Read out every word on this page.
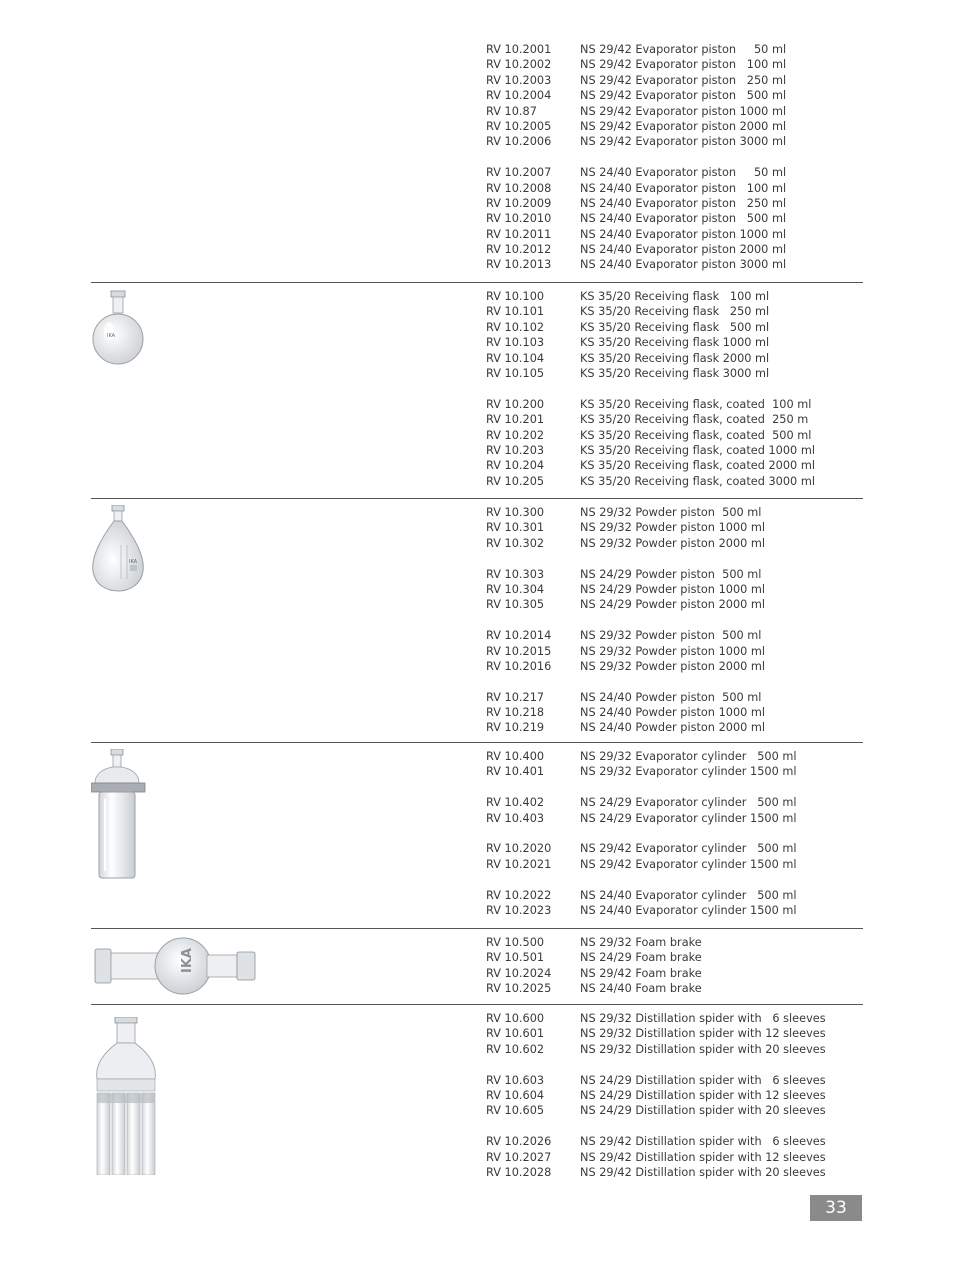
RV 10.2001	NS 29/42 Evaporator piston     50 ml
RV 10.2002	NS 29/42 Evaporator piston   100 ml
RV 10.2003	NS 29/42 Evaporator piston   250 ml
RV 10.2004	NS 29/42 Evaporator piston   500 ml
RV 10.87	NS 29/42 Evaporator piston 1000 ml
RV 10.2005	NS 29/42 Evaporator piston 2000 ml
RV 10.2006	NS 29/42 Evaporator piston 3000 ml
RV 10.2007	NS 24/40 Evaporator piston     50 ml
RV 10.2008	NS 24/40 Evaporator piston   100 ml
RV 10.2009	NS 24/40 Evaporator piston   250 ml
RV 10.2010	NS 24/40 Evaporator piston   500 ml
RV 10.2011	NS 24/40 Evaporator piston 1000 ml
RV 10.2012	NS 24/40 Evaporator piston 2000 ml
RV 10.2013	NS 24/40 Evaporator piston 3000 ml
IKA
RV 10.100	KS 35/20 Receiving flask   100 ml
RV 10.101	KS 35/20 Receiving flask   250 ml
RV 10.102	KS 35/20 Receiving flask   500 ml
RV 10.103	KS 35/20 Receiving flask 1000 ml
RV 10.104	KS 35/20 Receiving flask 2000 ml
RV 10.105	KS 35/20 Receiving flask 3000 ml
RV 10.200	KS 35/20 Receiving flask, coated  100 ml
RV 10.201	KS 35/20 Receiving flask, coated  250 m
RV 10.202	KS 35/20 Receiving flask, coated  500 ml
RV 10.203	KS 35/20 Receiving flask, coated 1000 ml
RV 10.204	KS 35/20 Receiving flask, coated 2000 ml
RV 10.205	KS 35/20 Receiving flask, coated 3000 ml
IKA
RV 10.300	NS 29/32 Powder piston  500 ml
RV 10.301	NS 29/32 Powder piston 1000 ml
RV 10.302	NS 29/32 Powder piston 2000 ml
RV 10.303	NS 24/29 Powder piston  500 ml
RV 10.304	NS 24/29 Powder piston 1000 ml
RV 10.305	NS 24/29 Powder piston 2000 ml
RV 10.2014	NS 29/32 Powder piston  500 ml
RV 10.2015	NS 29/32 Powder piston 1000 ml
RV 10.2016	NS 29/32 Powder piston 2000 ml
RV 10.217	NS 24/40 Powder piston  500 ml
RV 10.218	NS 24/40 Powder piston 1000 ml
RV 10.219	NS 24/40 Powder piston 2000 ml
RV 10.400	NS 29/32 Evaporator cylinder   500 ml
RV 10.401	NS 29/32 Evaporator cylinder 1500 ml
RV 10.402	NS 24/29 Evaporator cylinder   500 ml
RV 10.403	NS 24/29 Evaporator cylinder 1500 ml
RV 10.2020	NS 29/42 Evaporator cylinder   500 ml
RV 10.2021	NS 29/42 Evaporator cylinder 1500 ml
RV 10.2022	NS 24/40 Evaporator cylinder   500 ml
RV 10.2023	NS 24/40 Evaporator cylinder 1500 ml
IKA
RV 10.500	NS 29/32 Foam brake
RV 10.501	NS 24/29 Foam brake
RV 10.2024	NS 29/42 Foam brake
RV 10.2025	NS 24/40 Foam brake
RV 10.600	NS 29/32 Distillation spider with   6 sleeves
RV 10.601	NS 29/32 Distillation spider with 12 sleeves
RV 10.602	NS 29/32 Distillation spider with 20 sleeves
RV 10.603	NS 24/29 Distillation spider with   6 sleeves
RV 10.604	NS 24/29 Distillation spider with 12 sleeves
RV 10.605	NS 24/29 Distillation spider with 20 sleeves
RV 10.2026	NS 29/42 Distillation spider with   6 sleeves
RV 10.2027	NS 29/42 Distillation spider with 12 sleeves
RV 10.2028	NS 29/42 Distillation spider with 20 sleeves
33
